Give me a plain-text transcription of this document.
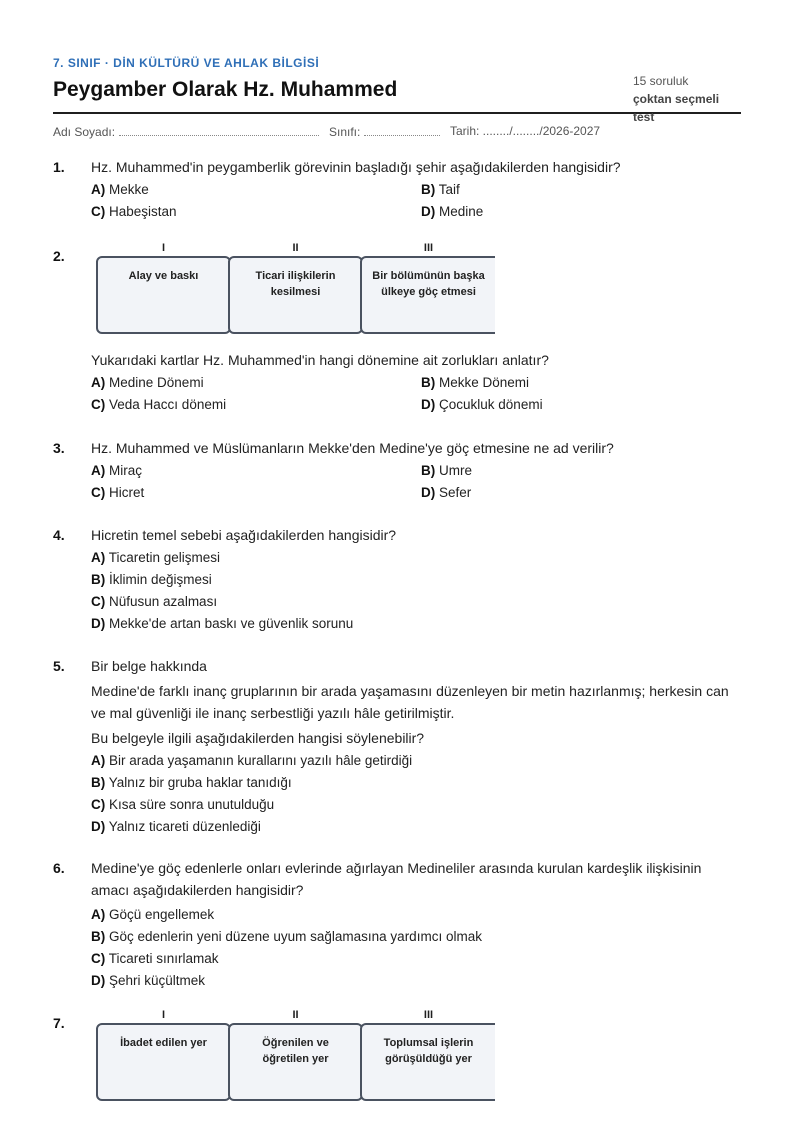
7. SINIF · DİN KÜLTÜRÜ VE AHLAK BİLGİSİ
Peygamber Olarak Hz. Muhammed	15 soruluk
çoktan seçmeli test
Adı Soyadı:	Sınıfı:	Tarih: ......../......../2026-2027
1. Hz. Muhammed'in peygamberlik görevinin başladığı şehir aşağıdakilerden hangisidir?
A) Mekke	B) Taif
C) Habeşistan	D) Medine
2.	I
Alay ve baskı
II
Ticari ilişkilerin kesilmesi
III
Bir bölümünün başka ülkeye göç etmesi
Yukarıdaki kartlar Hz. Muhammed'in hangi dönemine ait zorlukları anlatır?
A) Medine Dönemi	B) Mekke Dönemi
C) Veda Haccı dönemi	D) Çocukluk dönemi
3. Hz. Muhammed ve Müslümanların Mekke'den Medine'ye göç etmesine ne ad verilir?
A) Miraç	B) Umre
C) Hicret	D) Sefer
4. Hicretin temel sebebi aşağıdakilerden hangisidir?
A) Ticaretin gelişmesi
B) İklimin değişmesi
C) Nüfusun azalması
D) Mekke'de artan baskı ve güvenlik sorunu
5. Bir belge hakkında
Medine'de farklı inanç gruplarının bir arada yaşamasını düzenleyen bir metin hazırlanmış; herkesin can ve mal güvenliği ile inanç serbestliği yazılı hâle getirilmiştir.
Bu belgeyle ilgili aşağıdakilerden hangisi söylenebilir?
A) Bir arada yaşamanın kurallarını yazılı hâle getirdiği
B) Yalnız bir gruba haklar tanıdığı
C) Kısa süre sonra unutulduğu
D) Yalnız ticareti düzenlediği
6. Medine'ye göç edenlerle onları evlerinde ağırlayan Medineliler arasında kurulan kardeşlik ilişkisinin amacı aşağıdakilerden hangisidir?
A) Göçü engellemek
B) Göç edenlerin yeni düzene uyum sağlamasına yardımcı olmak
C) Ticareti sınırlamak
D) Şehri küçültmek
7.	I
İbadet edilen yer
II
Öğrenilen ve öğretilen yer
III
Toplumsal işlerin görüşüldüğü yer
